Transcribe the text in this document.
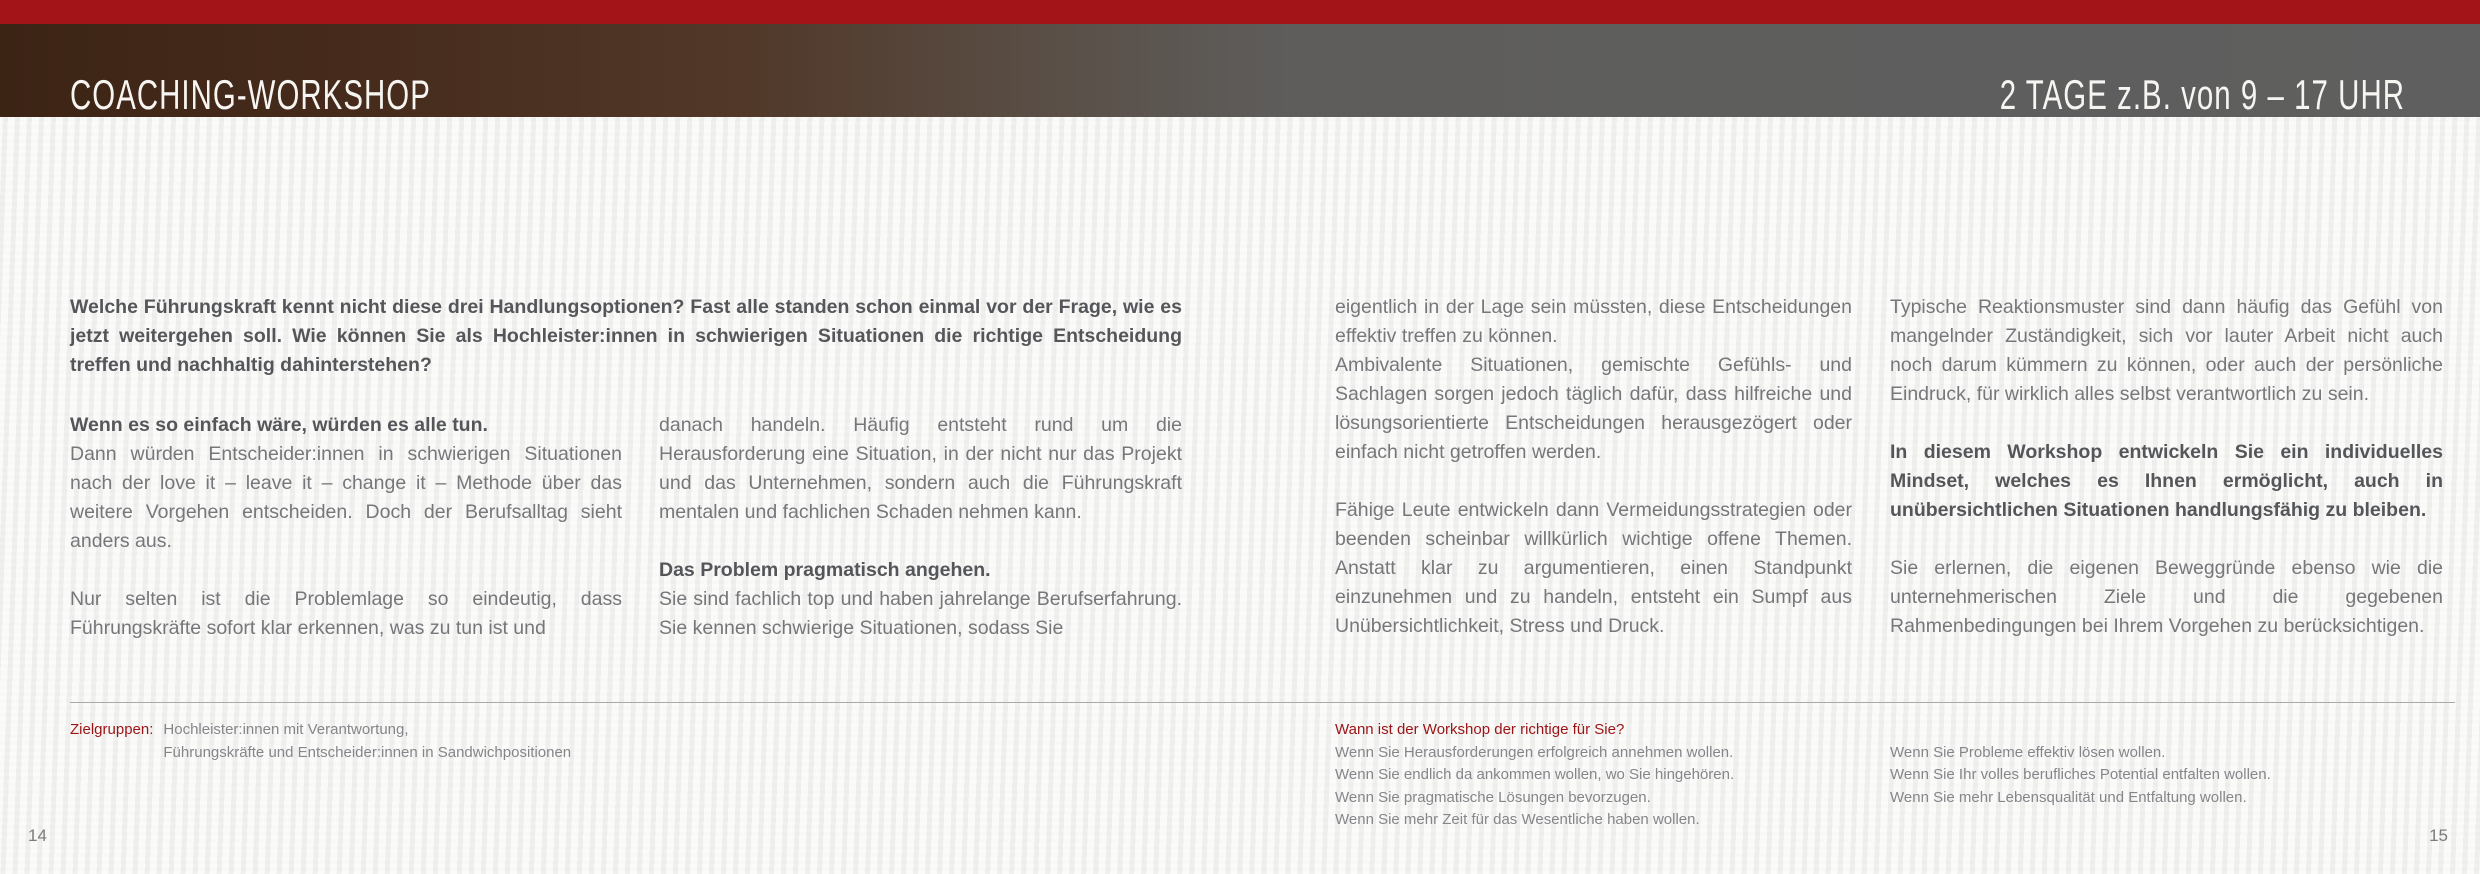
COACHING-WORKSHOP	2 TAGE z.B. von 9 – 17 UHR
Welche Führungskraft kennt nicht diese drei Handlungsoptionen? Fast alle standen schon einmal vor der Frage, wie es jetzt weitergehen soll. Wie können Sie als Hochleister:innen in schwierigen Situationen die richtige Entscheidung treffen und nachhaltig dahinterstehen?

Wenn es so einfach wäre, würden es alle tun.

Dann würden Entscheider:innen in schwierigen Situationen nach der love it – leave it – change it – Methode über das weitere Vorgehen entscheiden. Doch der Berufsalltag sieht anders aus.

Nur selten ist die Problemlage so eindeutig, dass Führungskräfte sofort klar erkennen, was zu tun ist und

danach handeln. Häufig entsteht rund um die Herausforderung eine Situation, in der nicht nur das Projekt und das Unternehmen, sondern auch die Führungskraft mentalen und fachlichen Schaden nehmen kann.

Das Problem pragmatisch angehen.

Sie sind fachlich top und haben jahrelange Berufserfahrung. Sie kennen schwierige Situationen, sodass Sie

eigentlich in der Lage sein müssten, diese Entscheidungen effektiv treffen zu können.

Ambivalente Situationen, gemischte Gefühls- und Sachlagen sorgen jedoch täglich dafür, dass hilfreiche und lösungsorientierte Entscheidungen herausgezögert oder einfach nicht getroffen werden.

Fähige Leute entwickeln dann Vermeidungsstrategien oder beenden scheinbar willkürlich wichtige offene Themen. Anstatt klar zu argumentieren, einen Standpunkt einzunehmen und zu handeln, entsteht ein Sumpf aus Unübersichtlichkeit, Stress und Druck.

Typische Reaktionsmuster sind dann häufig das Gefühl von mangelnder Zuständigkeit, sich vor lauter Arbeit nicht auch noch darum kümmern zu können, oder auch der persönliche Eindruck, für wirklich alles selbst verantwortlich zu sein.

In diesem Workshop entwickeln Sie ein individuelles Mindset, welches es Ihnen ermöglicht, auch in unübersichtlichen Situationen handlungsfähig zu bleiben.

Sie erlernen, die eigenen Beweggründe ebenso wie die unternehmerischen Ziele und die gegebenen Rahmenbedingungen bei Ihrem Vorgehen zu berücksichtigen.

Zielgruppen: Hochleister:innen mit Verantwortung,
Führungskräfte und Entscheider:innen in Sandwichpositionen
Wann ist der Workshop der richtige für Sie?
Wenn Sie Herausforderungen erfolgreich annehmen wollen.
Wenn Sie endlich da ankommen wollen, wo Sie hingehören.
Wenn Sie pragmatische Lösungen bevorzugen.
Wenn Sie mehr Zeit für das Wesentliche haben wollen.
Wenn Sie Probleme effektiv lösen wollen.
Wenn Sie Ihr volles berufliches Potential entfalten wollen.
Wenn Sie mehr Lebensqualität und Entfaltung wollen.
14	15
